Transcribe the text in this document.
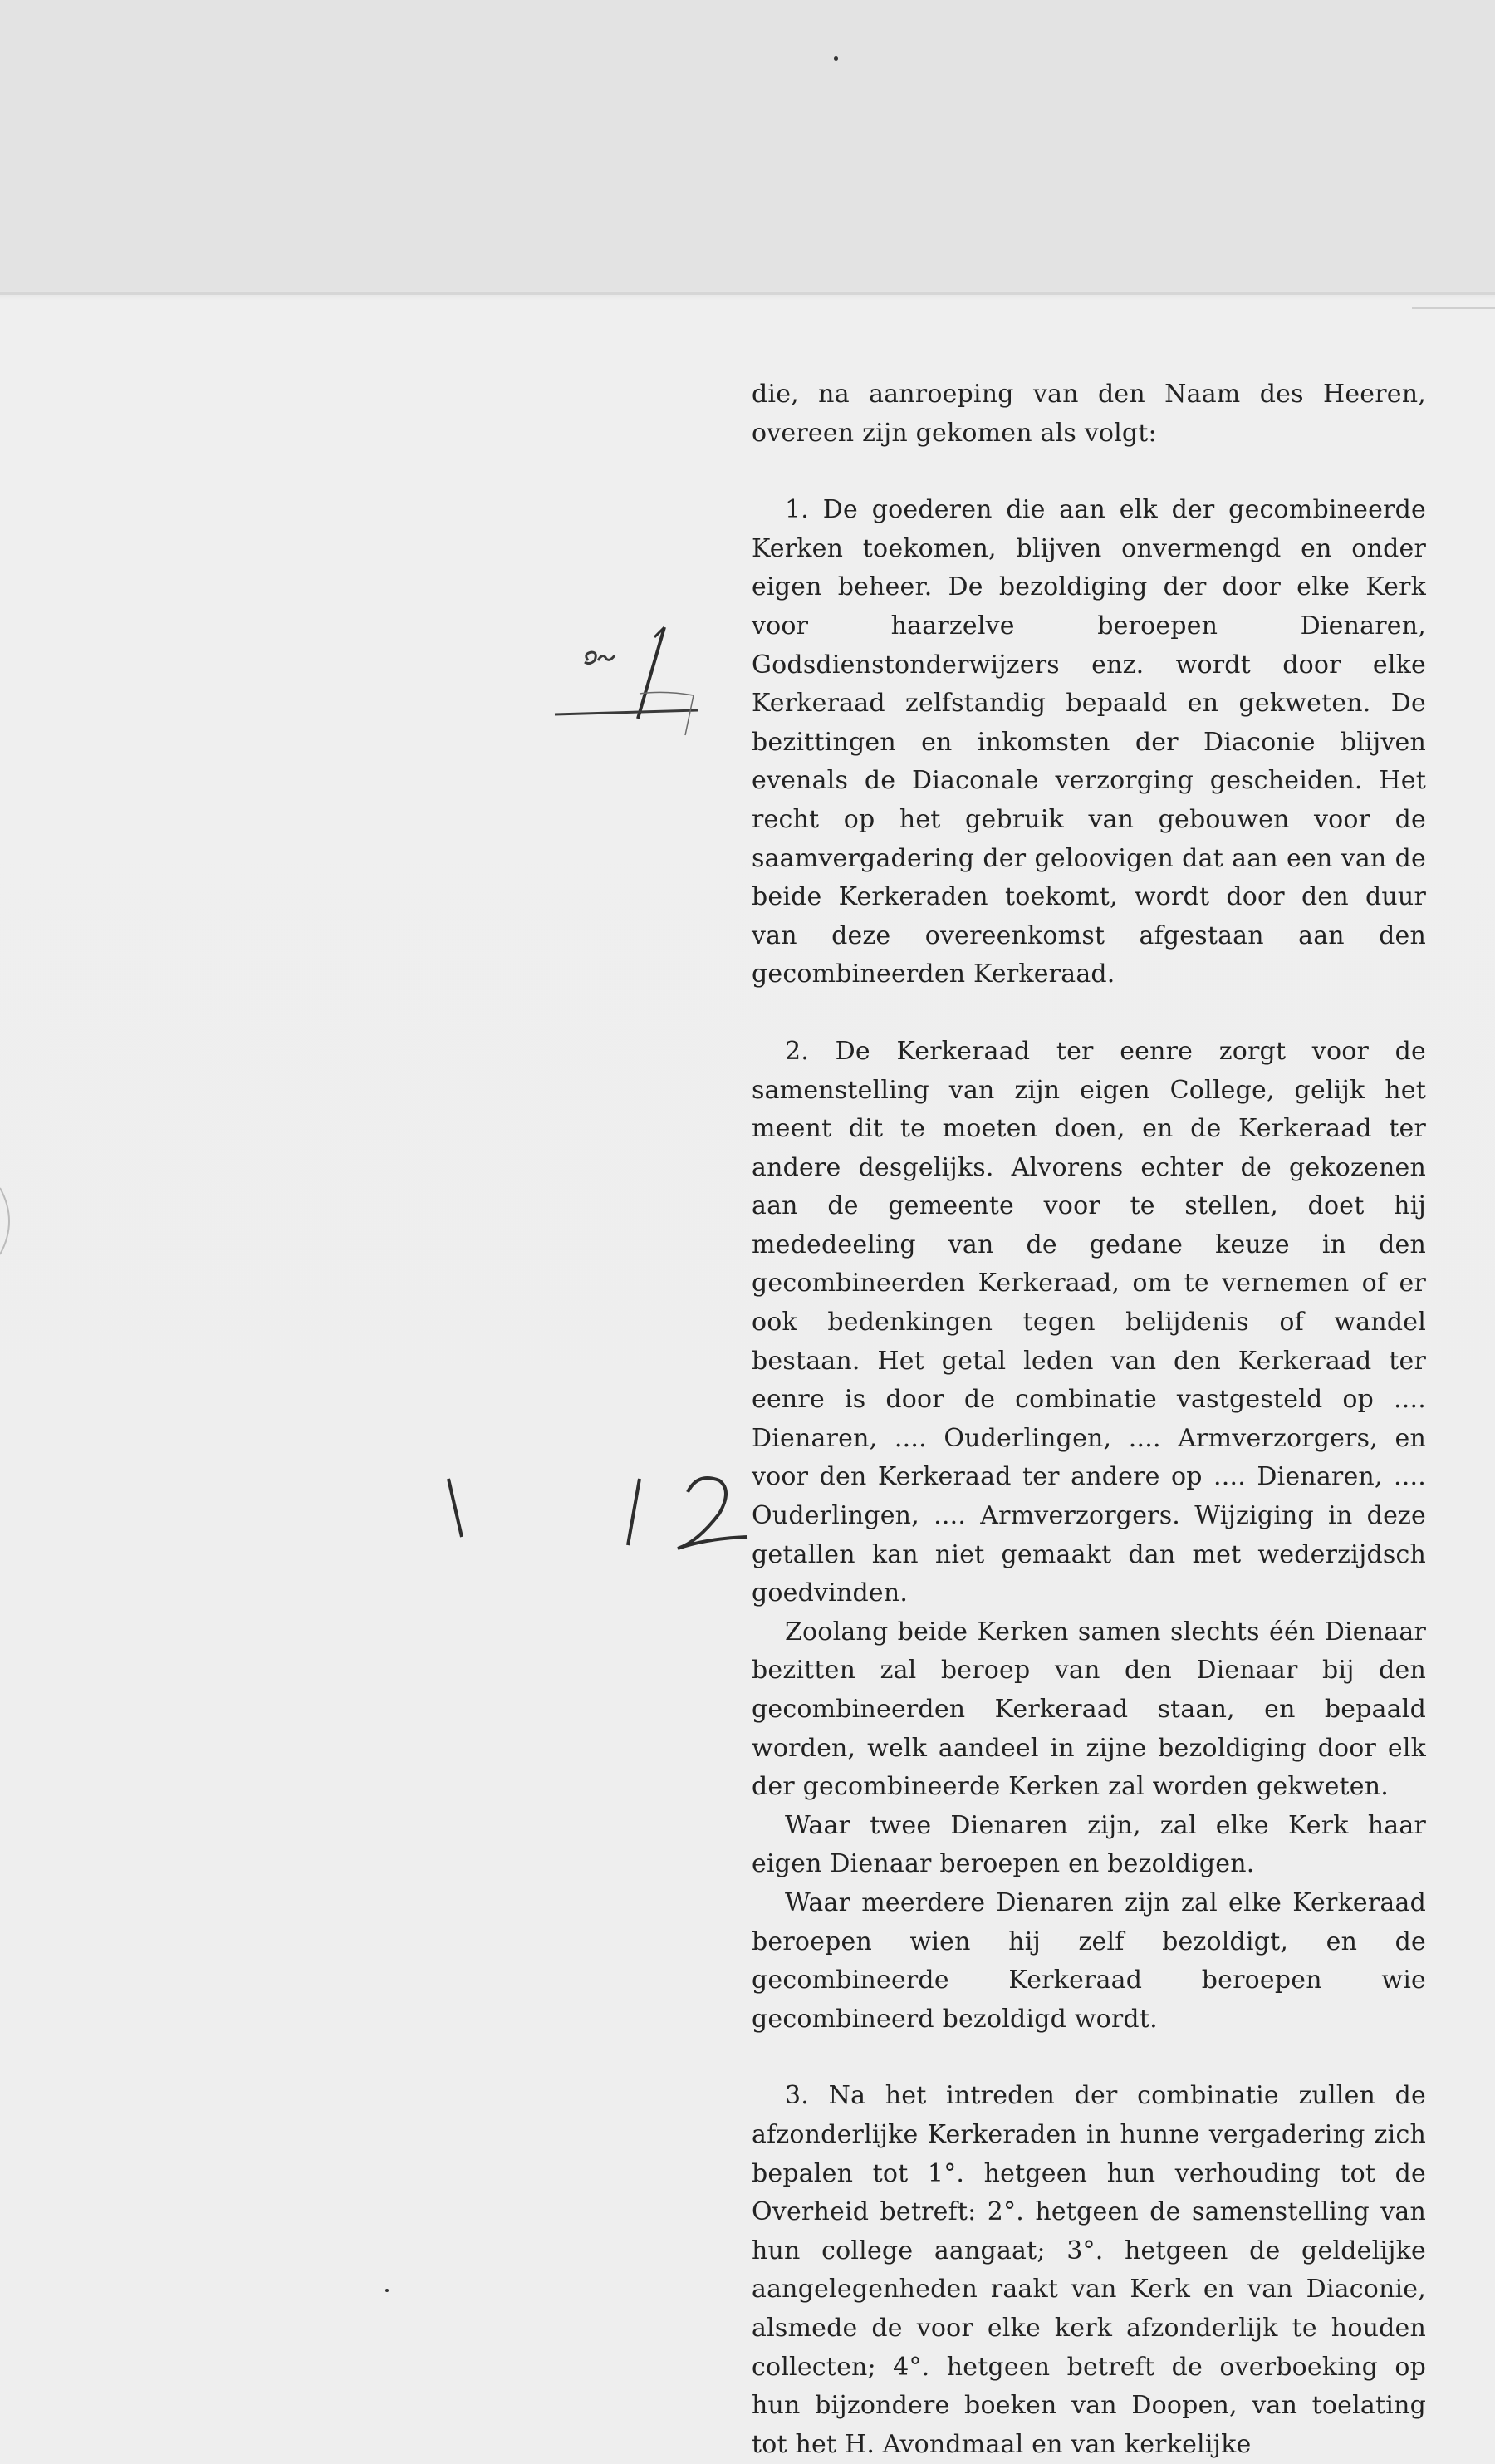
die, na aanroeping van den Naam des Heeren, overeen zijn gekomen als volgt:

1. De goederen die aan elk der gecombineerde Kerken toekomen, blijven onvermengd en onder eigen beheer. De bezoldiging der door elke Kerk voor haarzelve beroepen Dienaren, Godsdienstonderwijzers enz. wordt door elke Kerkeraad zelfstandig bepaald en gekweten. De bezittingen en inkomsten der Diaconie blijven evenals de Diaconale verzorging gescheiden. Het recht op het gebruik van gebouwen voor de saamvergadering der geloovigen dat aan een van de beide Kerkeraden toekomt, wordt door den duur van deze overeenkomst afgestaan aan den gecombineerden Kerkeraad.

2. De Kerkeraad ter eenre zorgt voor de samenstelling van zijn eigen College, gelijk het meent dit te moeten doen, en de Kerkeraad ter andere desgelijks. Alvorens echter de gekozenen aan de gemeente voor te stellen, doet hij mededeeling van de gedane keuze in den gecombineerden Kerkeraad, om te vernemen of er ook bedenkingen tegen belijdenis of wandel bestaan. Het getal leden van den Kerkeraad ter eenre is door de combinatie vastgesteld op .... Dienaren, .... Ouderlingen, .... Armverzorgers, en voor den Kerkeraad ter andere op .... Dienaren, .... Ouderlingen, .... Armverzorgers. Wijziging in deze getallen kan niet gemaakt dan met wederzijdsch goedvinden.

Zoolang beide Kerken samen slechts één Dienaar bezitten zal beroep van den Dienaar bij den gecombineerden Kerkeraad staan, en bepaald worden, welk aandeel in zijne bezoldiging door elk der gecombineerde Kerken zal worden gekweten.

Waar twee Dienaren zijn, zal elke Kerk haar eigen Dienaar beroepen en bezoldigen.

Waar meerdere Dienaren zijn zal elke Kerkeraad beroepen wien hij zelf bezoldigt, en de gecombineerde Kerkeraad beroepen wie gecombineerd bezoldigd wordt.

3. Na het intreden der combinatie zullen de afzonderlijke Kerkeraden in hunne vergadering zich bepalen tot 1°. hetgeen hun verhouding tot de Overheid betreft: 2°. hetgeen de samenstelling van hun college aangaat; 3°. hetgeen de geldelijke aangelegenheden raakt van Kerk en van Diaconie, alsmede de voor elke kerk afzonderlijk te houden collecten; 4°. hetgeen betreft de overboeking op hun bijzondere boeken van Doopen, van toelating tot het H. Avondmaal en van kerkelijke
